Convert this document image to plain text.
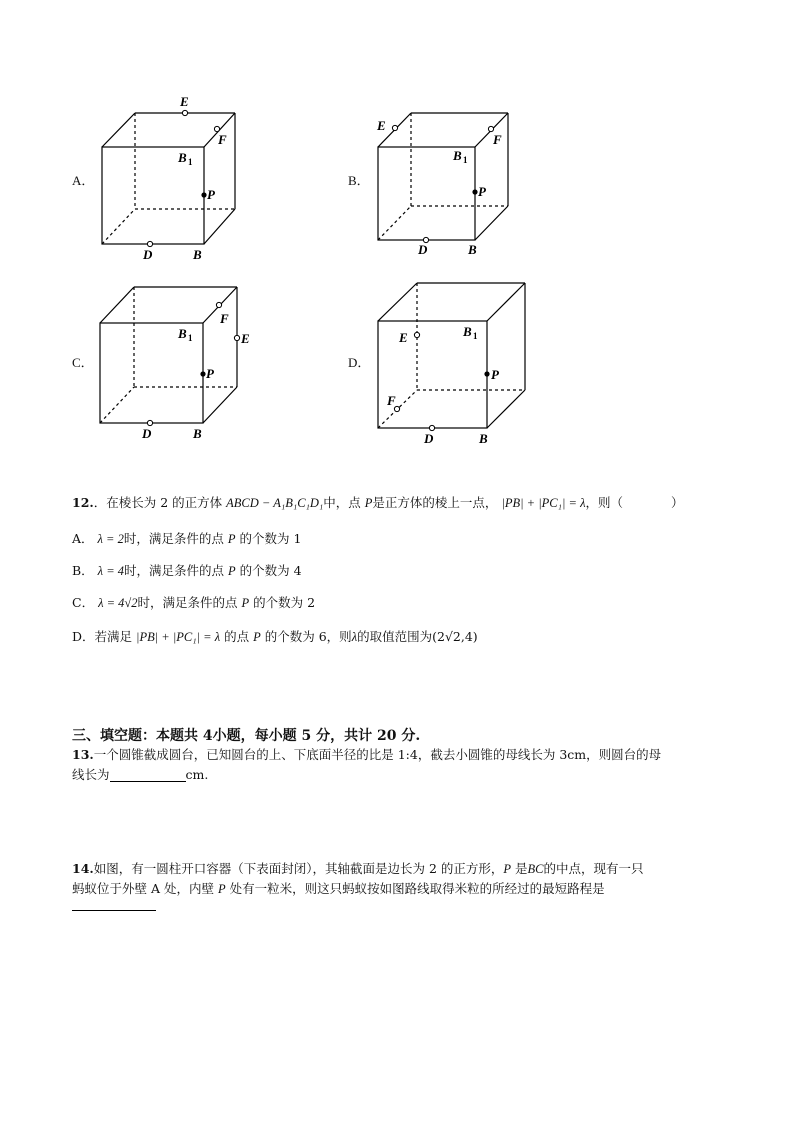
A．
E
F
B 1
P
D	B
B．
E
F
B 1
P
D	B
C．
E
F
B 1
P
D	B
D．
E
F
B 1
P
D	B
12.．在棱长为 2 的正方体 ABCD − A₁B₁C₁D₁中，点 P是正方体的棱上一点， |PB| + |PC₁| = λ，则（	）
A． λ = 2时，满足条件的点 P 的个数为 1
B． λ = 4时，满足条件的点 P 的个数为 4
C． λ = 4√2时，满足条件的点 P 的个数为 2
D．若满足 |PB| + |PC₁| = λ 的点 P 的个数为 6，则λ的取值范围为(2√2,4)
三、填空题：本题共 4小题，每小题 5 分，共计 20 分.
13.一个圆锥截成圆台，已知圆台的上、下底面半径的比是 1:4，截去小圆锥的母线长为 3cm，则圆台的母
线长为	cm.
14.如图，有一圆柱开口容器（下表面封闭），其轴截面是边长为 2 的正方形，P 是BC的中点，现有一只
蚂蚁位于外壁 A 处，内壁 P 处有一粒米，则这只蚂蚁按如图路线取得米粒的所经过的最短路程是
